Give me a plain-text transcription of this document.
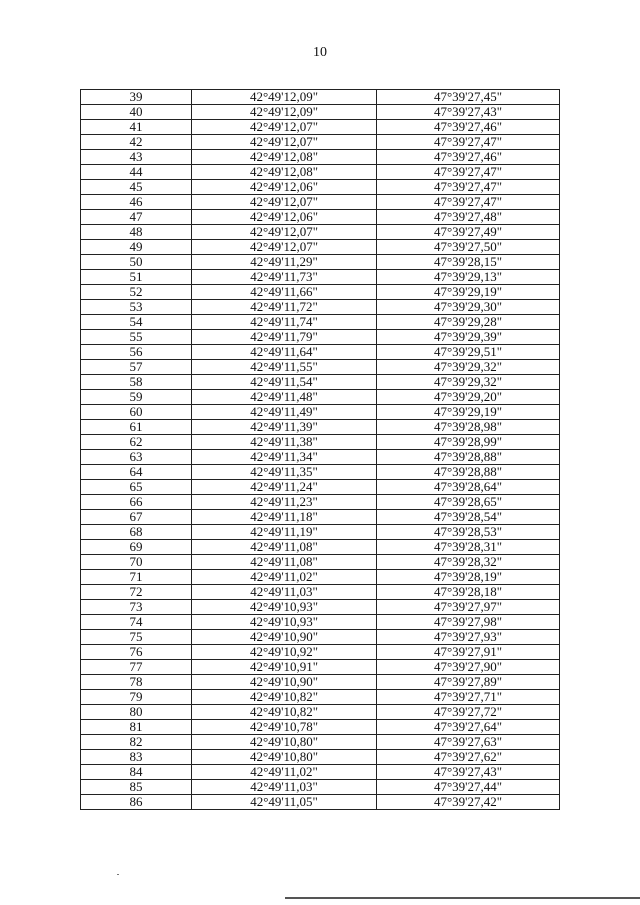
10
39	42°49'12,09"	47°39'27,45"
40	42°49'12,09"	47°39'27,43"
41	42°49'12,07"	47°39'27,46"
42	42°49'12,07"	47°39'27,47"
43	42°49'12,08"	47°39'27,46"
44	42°49'12,08"	47°39'27,47"
45	42°49'12,06"	47°39'27,47"
46	42°49'12,07"	47°39'27,47"
47	42°49'12,06"	47°39'27,48"
48	42°49'12,07"	47°39'27,49"
49	42°49'12,07"	47°39'27,50"
50	42°49'11,29"	47°39'28,15"
51	42°49'11,73"	47°39'29,13"
52	42°49'11,66"	47°39'29,19"
53	42°49'11,72"	47°39'29,30"
54	42°49'11,74"	47°39'29,28"
55	42°49'11,79"	47°39'29,39"
56	42°49'11,64"	47°39'29,51"
57	42°49'11,55"	47°39'29,32"
58	42°49'11,54"	47°39'29,32"
59	42°49'11,48"	47°39'29,20"
60	42°49'11,49"	47°39'29,19"
61	42°49'11,39"	47°39'28,98"
62	42°49'11,38"	47°39'28,99"
63	42°49'11,34"	47°39'28,88"
64	42°49'11,35"	47°39'28,88"
65	42°49'11,24"	47°39'28,64"
66	42°49'11,23"	47°39'28,65"
67	42°49'11,18"	47°39'28,54"
68	42°49'11,19"	47°39'28,53"
69	42°49'11,08"	47°39'28,31"
70	42°49'11,08"	47°39'28,32"
71	42°49'11,02"	47°39'28,19"
72	42°49'11,03"	47°39'28,18"
73	42°49'10,93"	47°39'27,97"
74	42°49'10,93"	47°39'27,98"
75	42°49'10,90"	47°39'27,93"
76	42°49'10,92"	47°39'27,91"
77	42°49'10,91"	47°39'27,90"
78	42°49'10,90"	47°39'27,89"
79	42°49'10,82"	47°39'27,71"
80	42°49'10,82"	47°39'27,72"
81	42°49'10,78"	47°39'27,64"
82	42°49'10,80"	47°39'27,63"
83	42°49'10,80"	47°39'27,62"
84	42°49'11,02"	47°39'27,43"
85	42°49'11,03"	47°39'27,44"
86	42°49'11,05"	47°39'27,42"
